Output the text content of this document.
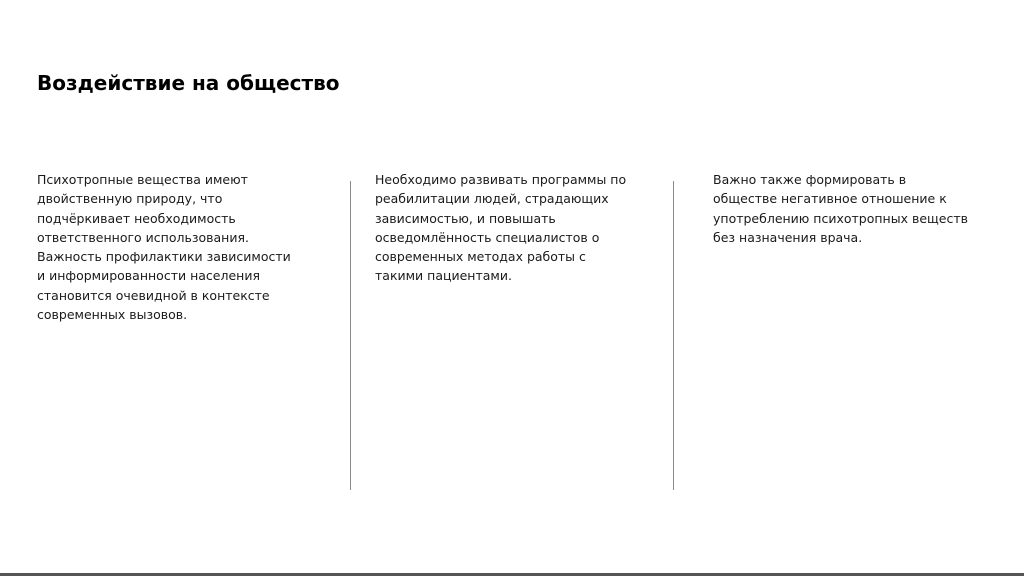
Воздействие на общество
Психотропные вещества имеют
двойственную природу, что
подчёркивает необходимость
ответственного использования.
Важность профилактики зависимости
и информированности населения
становится очевидной в контексте
современных вызовов.
Необходимо развивать программы по
реабилитации людей, страдающих
зависимостью, и повышать
осведомлённость специалистов о
современных методах работы с
такими пациентами.
Важно также формировать в
обществе негативное отношение к
употреблению психотропных веществ
без назначения врача.
